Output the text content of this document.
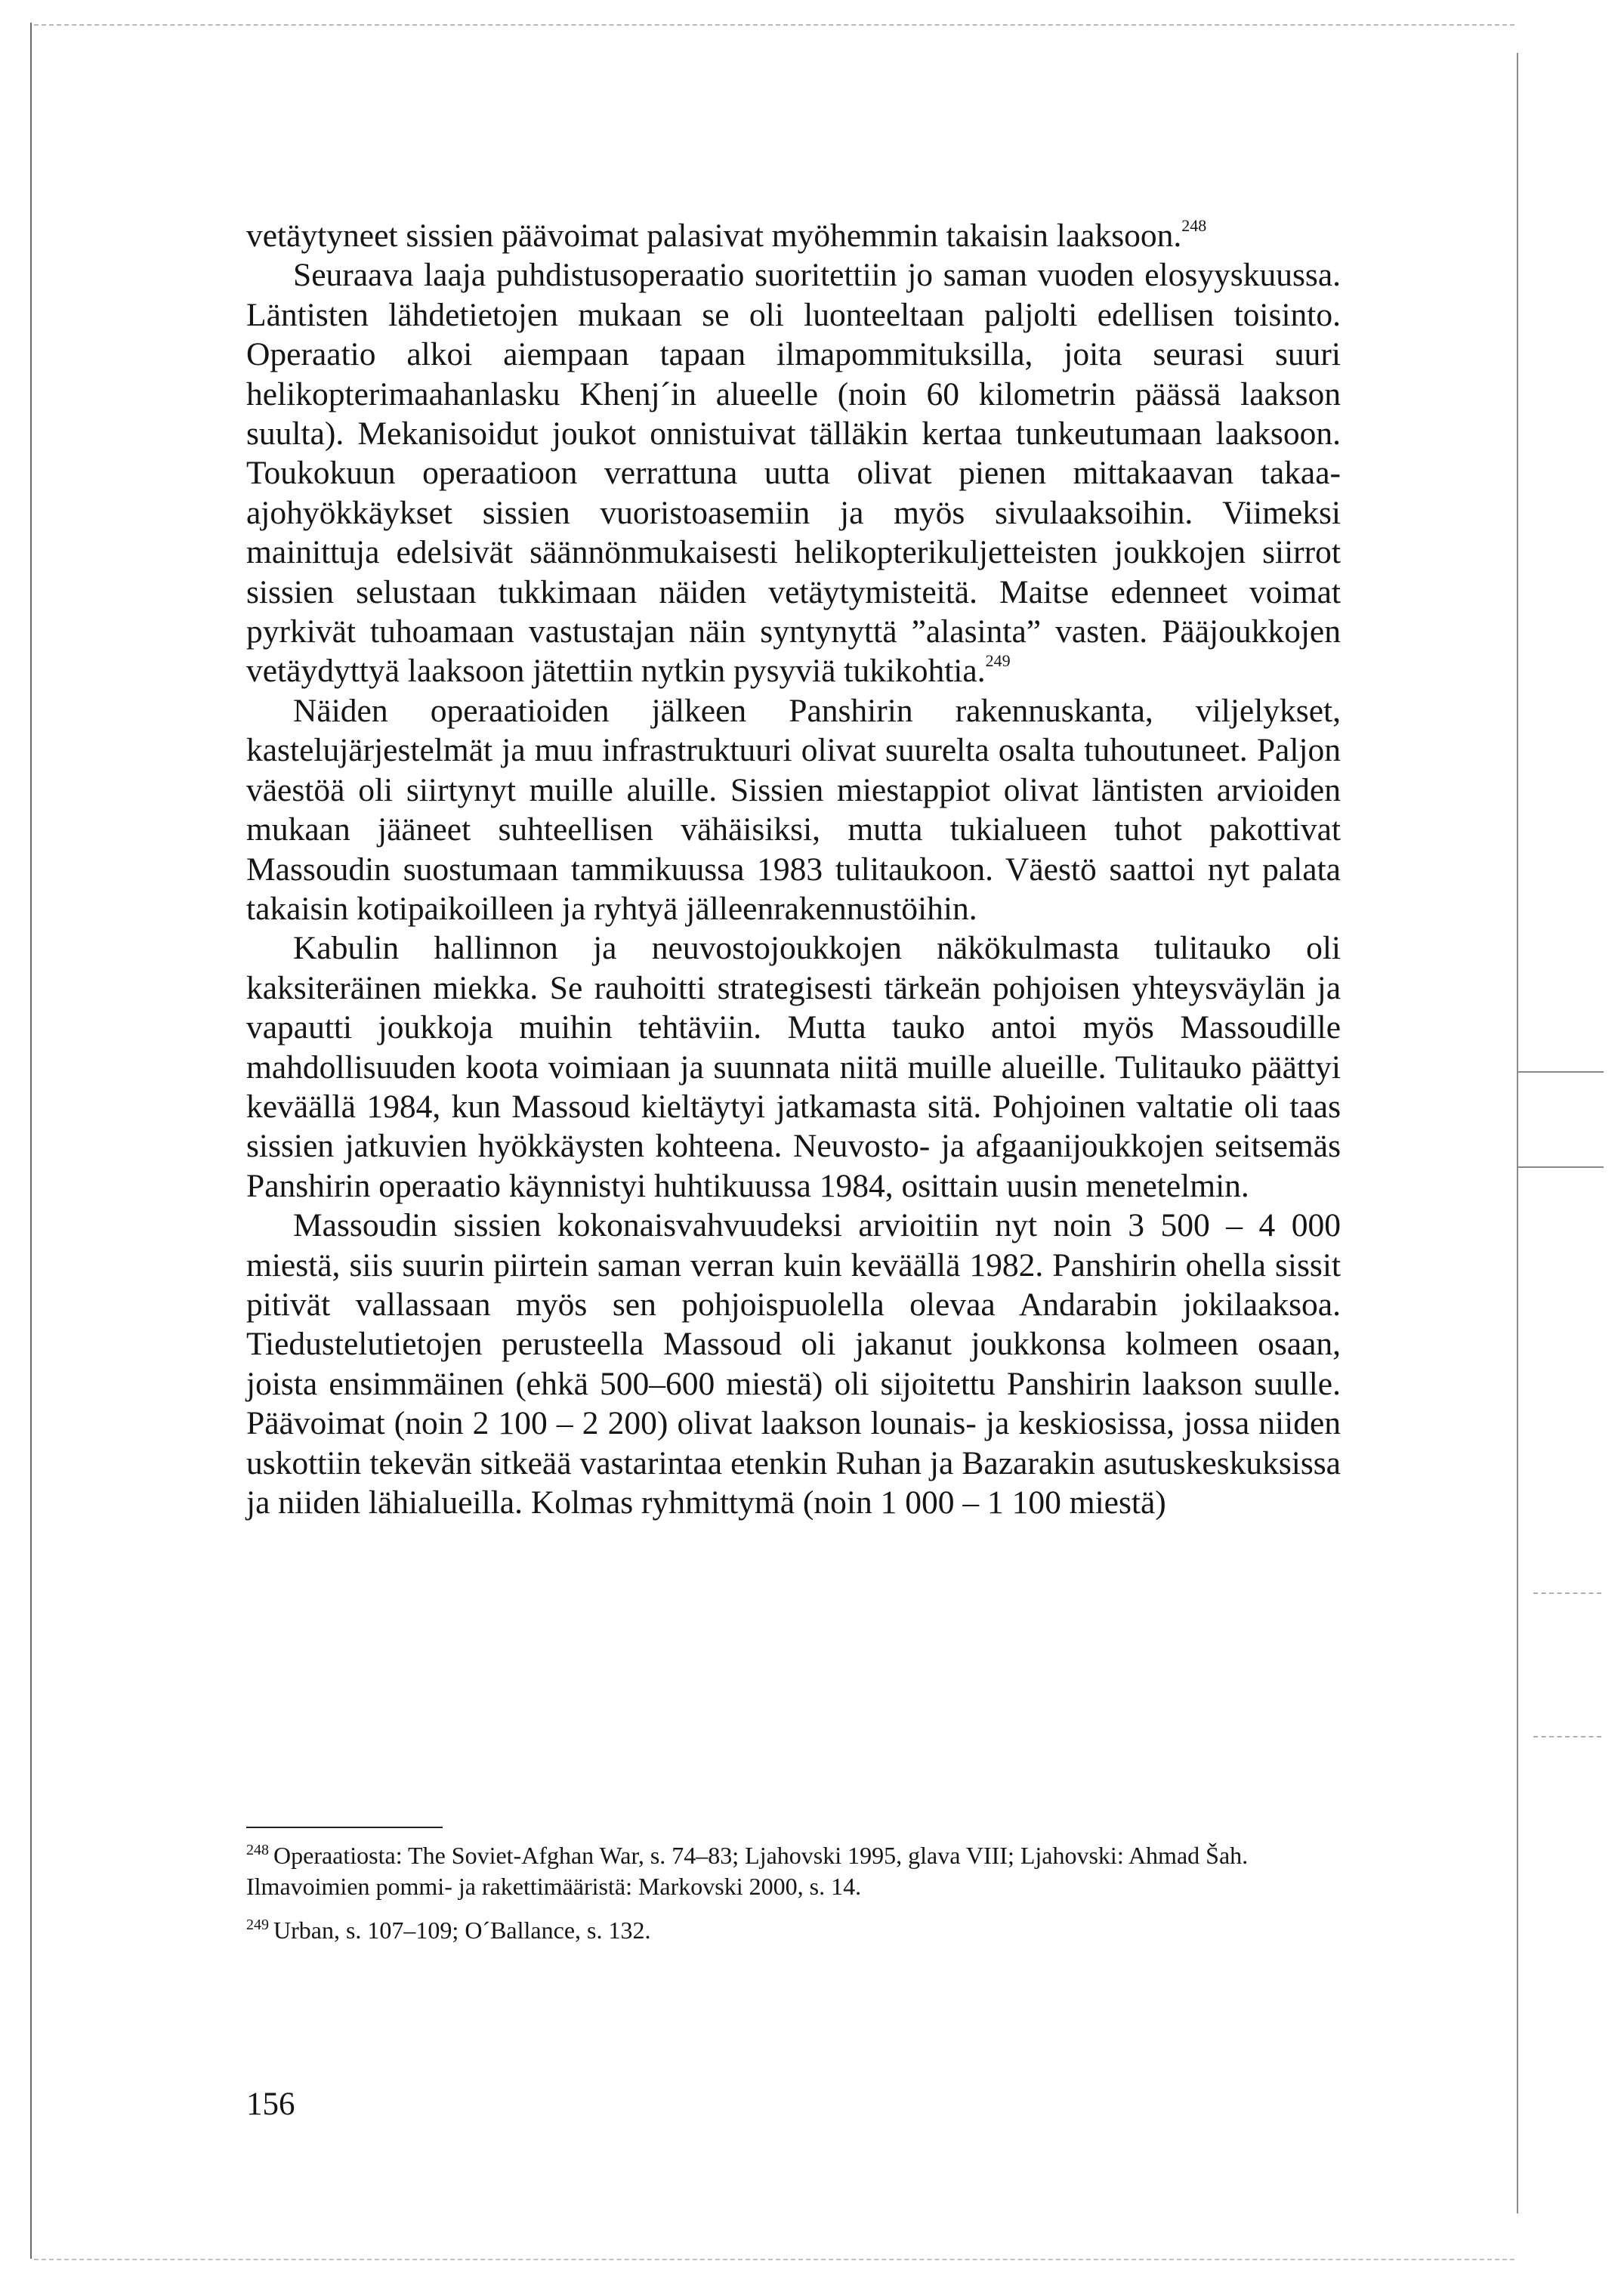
vetäytyneet sissien päävoimat palasivat myöhemmin takaisin laaksoon.$^{248}$

Seuraava laaja puhdistusoperaatio suoritettiin jo saman vuoden elosyyskuussa. Läntisten lähdetietojen mukaan se oli luonteeltaan paljolti edellisen toisinto. Operaatio alkoi aiempaan tapaan ilmapommituksilla, joita seurasi suuri helikopterimaahanlasku Khenj´in alueelle (noin 60 kilometrin päässä laakson suulta). Mekanisoidut joukot onnistuivat tälläkin kertaa tunkeutumaan laaksoon. Toukokuun operaatioon verrattuna uutta olivat pienen mittakaavan takaa-ajohyökkäykset sissien vuoristoasemiin ja myös sivulaaksoihin. Viimeksi mainittuja edelsivät säännönmukaisesti helikopterikuljetteisten joukkojen siirrot sissien selustaan tukkimaan näiden vetäytymisteitä. Maitse edenneet voimat pyrkivät tuhoamaan vastustajan näin syntynyttä ”alasinta” vasten. Pääjoukkojen vetäydyttyä laaksoon jätettiin nytkin pysyviä tukikohtia.$^{249}$

Näiden operaatioiden jälkeen Panshirin rakennuskanta, viljelykset, kastelujärjestelmät ja muu infrastruktuuri olivat suurelta osalta tuhoutuneet. Paljon väestöä oli siirtynyt muille aluille. Sissien miestappiot olivat läntisten arvioiden mukaan jääneet suhteellisen vähäisiksi, mutta tukialueen tuhot pakottivat Massoudin suostumaan tammikuussa 1983 tulitaukoon. Väestö saattoi nyt palata takaisin kotipaikoilleen ja ryhtyä jälleenrakennustöihin.

Kabulin hallinnon ja neuvostojoukkojen näkökulmasta tulitauko oli kaksiteräinen miekka. Se rauhoitti strategisesti tärkeän pohjoisen yhteysväylän ja vapautti joukkoja muihin tehtäviin. Mutta tauko antoi myös Massoudille mahdollisuuden koota voimiaan ja suunnata niitä muille alueille. Tulitauko päättyi keväällä 1984, kun Massoud kieltäytyi jatkamasta sitä. Pohjoinen valtatie oli taas sissien jatkuvien hyökkäysten kohteena. Neuvosto- ja afgaanijoukkojen seitsemäs Panshirin operaatio käynnistyi huhtikuussa 1984, osittain uusin menetelmin.

Massoudin sissien kokonaisvahvuudeksi arvioitiin nyt noin 3 500 – 4 000 miestä, siis suurin piirtein saman verran kuin keväällä 1982. Panshirin ohella sissit pitivät vallassaan myös sen pohjoispuolella olevaa Andarabin jokilaaksoa. Tiedustelutietojen perusteella Massoud oli jakanut joukkonsa kolmeen osaan, joista ensimmäinen (ehkä 500–600 miestä) oli sijoitettu Panshirin laakson suulle. Päävoimat (noin 2 100 – 2 200) olivat laakson lounais- ja keskiosissa, jossa niiden uskottiin tekevän sitkeää vastarintaa etenkin Ruhan ja Bazarakin asutuskeskuksissa ja niiden lähialueilla. Kolmas ryhmittymä (noin 1 000 – 1 100 miestä)

$^{248}$ Operaatiosta: The Soviet-Afghan War, s. 74–83; Ljahovski 1995, glava VIII; Ljahovski: Ahmad Šah. Ilmavoimien pommi- ja rakettimääristä: Markovski 2000, s. 14.

$^{249}$ Urban, s. 107–109; O´Ballance, s. 132.

156
